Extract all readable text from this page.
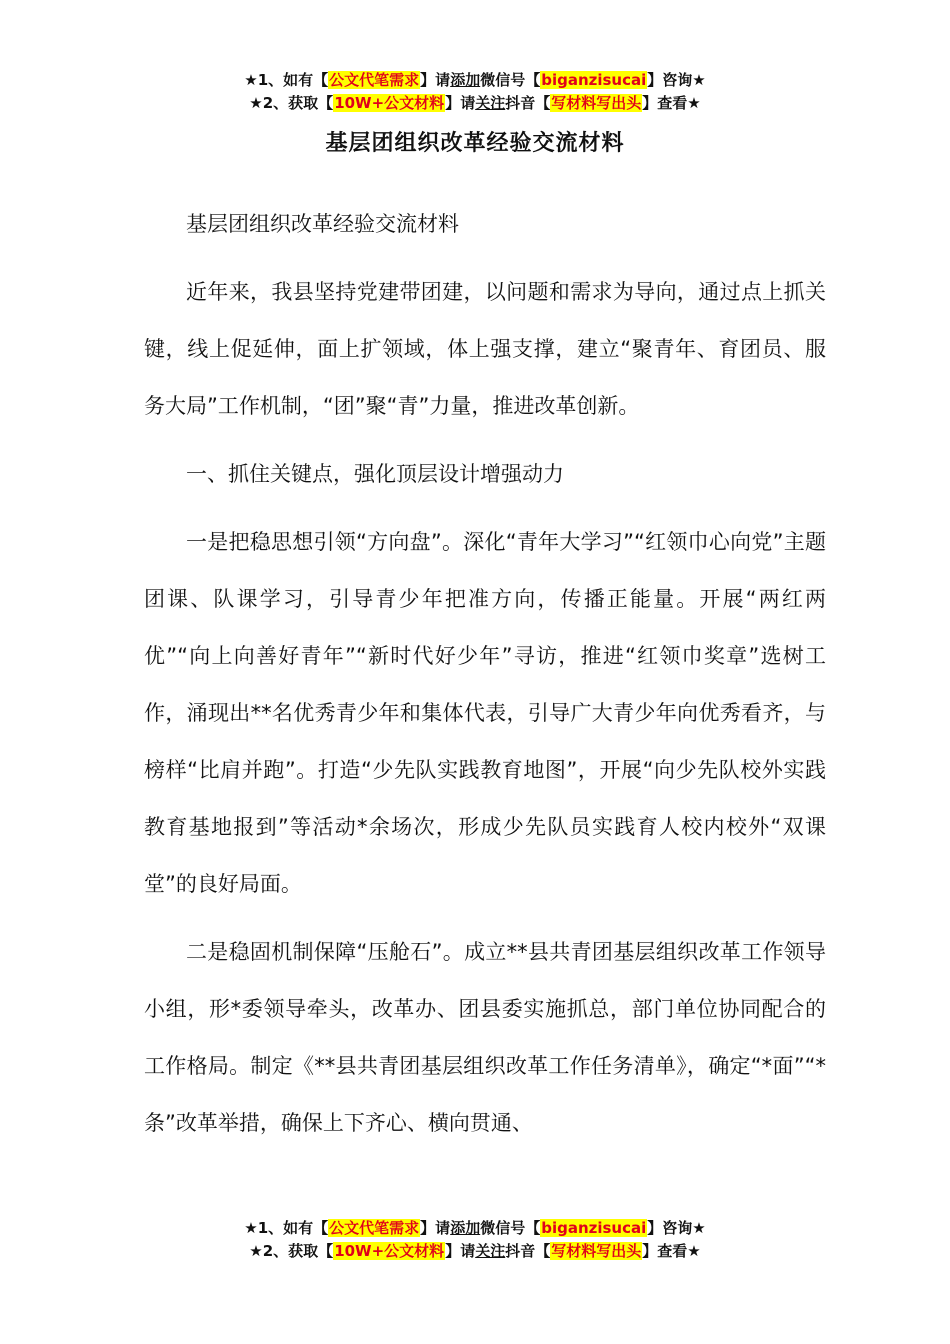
★1、如有【公文代笔需求】请添加微信号【biganzisucai】咨询★
★2、获取【10W+公文材料】请关注抖音【写材料写出头】查看★
基层团组织改革经验交流材料

基层团组织改革经验交流材料

近年来，我县坚持党建带团建，以问题和需求为导向，通过点上抓关键，线上促延伸，面上扩领域，体上强支撑，建立“聚青年、育团员、服务大局”工作机制，“团”聚“青”力量，推进改革创新。

一、抓住关键点，强化顶层设计增强动力

一是把稳思想引领“方向盘”。深化“青年大学习”“红领巾心向党”主题团课、队课学习，引导青少年把准方向，传播正能量。开展“两红两优”“向上向善好青年”“新时代好少年”寻访，推进“红领巾奖章”选树工作，涌现出**名优秀青少年和集体代表，引导广大青少年向优秀看齐，与榜样“比肩并跑”。打造“少先队实践教育地图”，开展“向少先队校外实践教育基地报到”等活动*余场次，形成少先队员实践育人校内校外“双课堂”的良好局面。

二是稳固机制保障“压舱石”。成立**县共青团基层组织改革工作领导小组，形*委领导牵头，改革办、团县委实施抓总，部门单位协同配合的工作格局。制定《**县共青团基层组织改革工作任务清单》，确定“*面”“*条”改革举措，确保上下齐心、横向贯通、

★1、如有【公文代笔需求】请添加微信号【biganzisucai】咨询★
★2、获取【10W+公文材料】请关注抖音【写材料写出头】查看★
